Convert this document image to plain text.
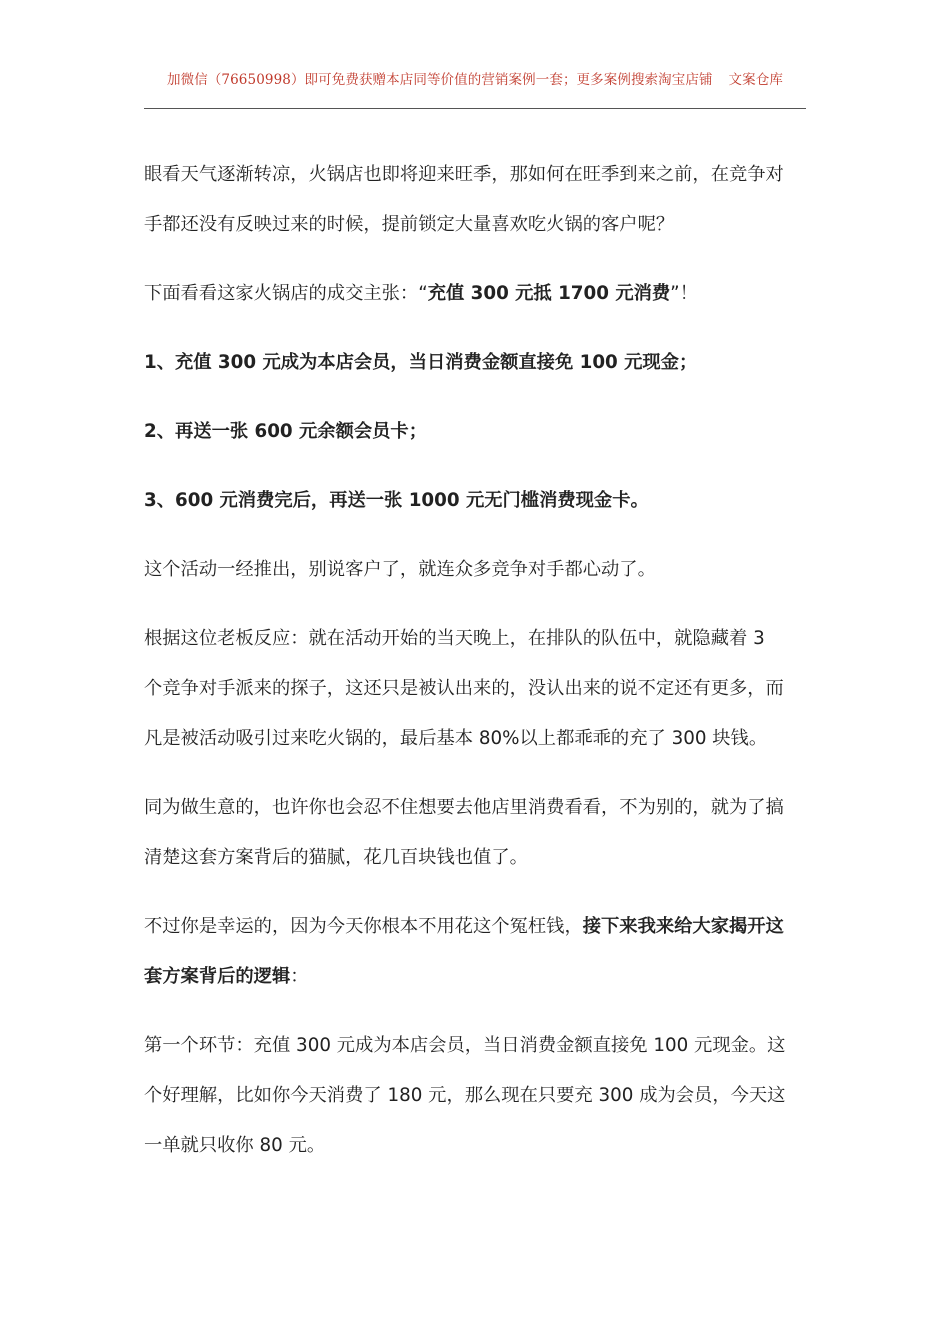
加微信（76650998）即可免费获赠本店同等价值的营销案例一套；更多案例搜索淘宝店铺 文案仓库
眼看天气逐渐转凉，火锅店也即将迎来旺季，那如何在旺季到来之前，在竞争对
手都还没有反映过来的时候，提前锁定大量喜欢吃火锅的客户呢？
下面看看这家火锅店的成交主张：“充值 300 元抵 1700 元消费”！
1、充值 300 元成为本店会员，当日消费金额直接免 100 元现金；
2、再送一张 600 元余额会员卡；
3、600 元消费完后，再送一张 1000 元无门槛消费现金卡。
这个活动一经推出，别说客户了，就连众多竞争对手都心动了。
根据这位老板反应：就在活动开始的当天晚上，在排队的队伍中，就隐藏着 3
个竞争对手派来的探子，这还只是被认出来的，没认出来的说不定还有更多，而
凡是被活动吸引过来吃火锅的，最后基本 80%以上都乖乖的充了 300 块钱。
同为做生意的，也许你也会忍不住想要去他店里消费看看，不为别的，就为了搞
清楚这套方案背后的猫腻，花几百块钱也值了。
不过你是幸运的，因为今天你根本不用花这个冤枉钱，接下来我来给大家揭开这
套方案背后的逻辑：
第一个环节：充值 300 元成为本店会员，当日消费金额直接免 100 元现金。这
个好理解，比如你今天消费了 180 元，那么现在只要充 300 成为会员，今天这
一单就只收你 80 元。
